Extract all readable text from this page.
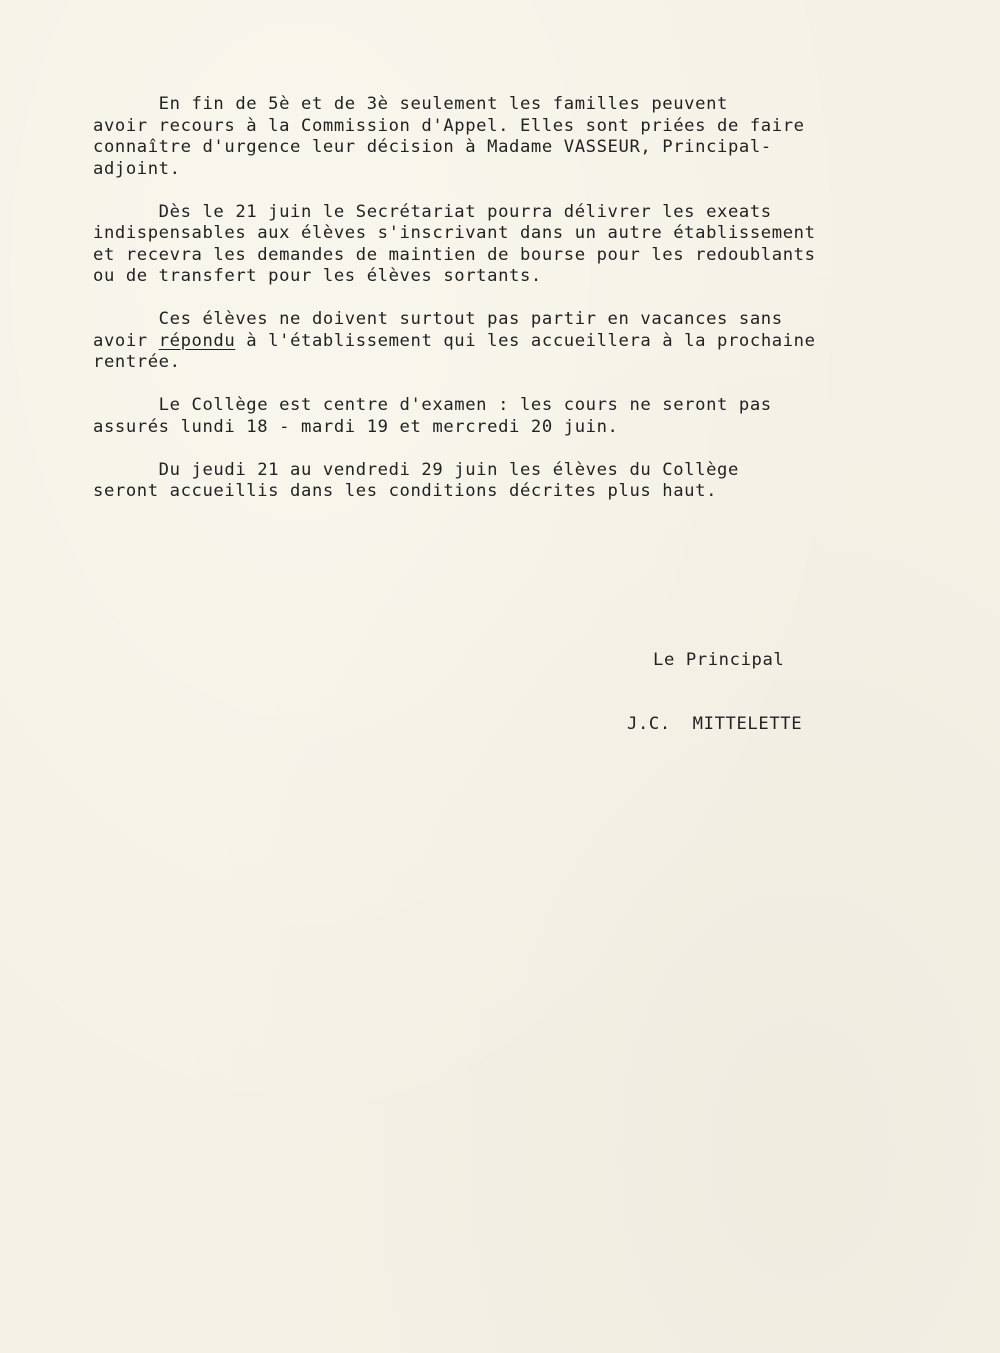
En fin de 5è et de 3è seulement les familles peuvent
avoir recours à la Commission d'Appel. Elles sont priées de faire
connaître d'urgence leur décision à Madame VASSEUR, Principal-
adjoint.

Dès le 21 juin le Secrétariat pourra délivrer les exeats
indispensables aux élèves s'inscrivant dans un autre établissement
et recevra les demandes de maintien de bourse pour les redoublants
ou de transfert pour les élèves sortants.

Ces élèves ne doivent surtout pas partir en vacances sans
avoir répondu à l'établissement qui les accueillera à la prochaine
rentrée.

Le Collège est centre d'examen : les cours ne seront pas
assurés lundi 18 - mardi 19 et mercredi 20 juin.

Du jeudi 21 au vendredi 29 juin les élèves du Collège
seront accueillis dans les conditions décrites plus haut.

Le Principal
J.C.  MITTELETTE
